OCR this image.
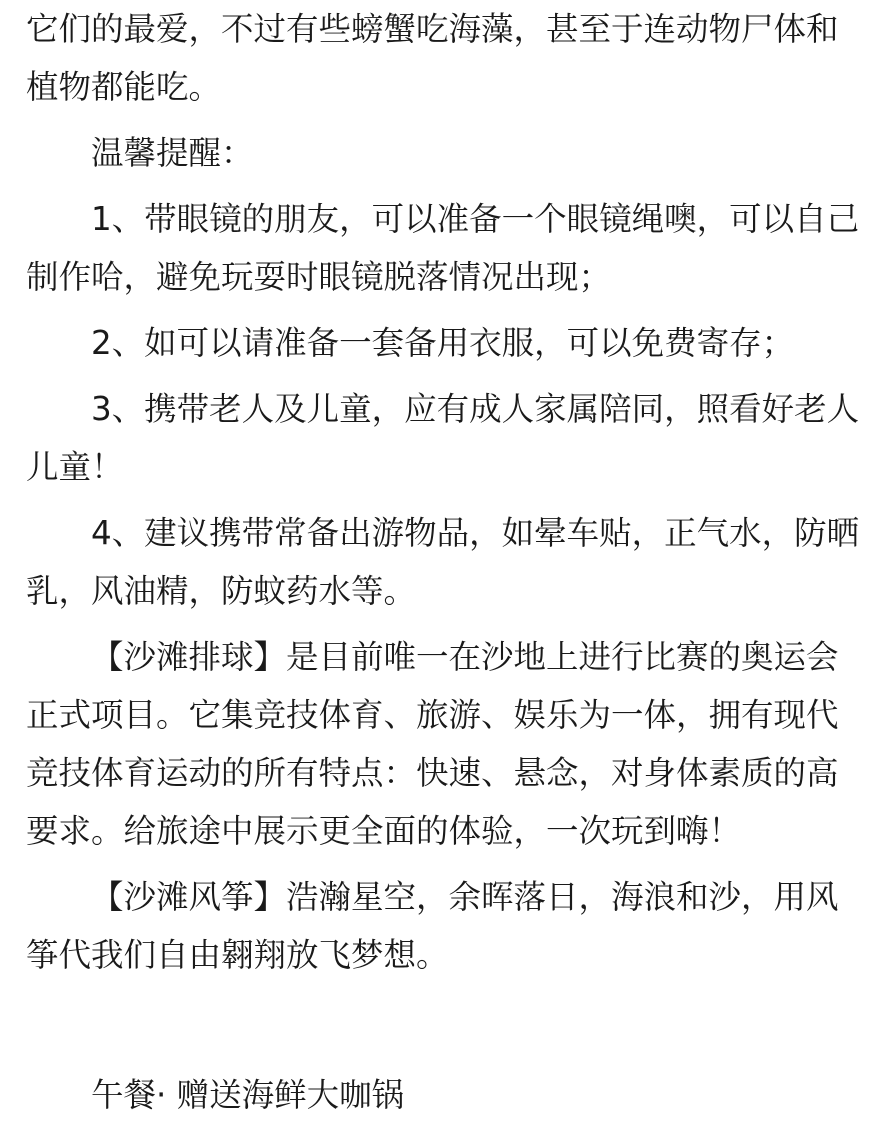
它们的最爱，不过有些螃蟹吃海藻，甚至于连动物尸体和植物都能吃。

温馨提醒：

1、带眼镜的朋友，可以准备一个眼镜绳噢，可以自己制作哈，避免玩耍时眼镜脱落情况出现；

2、如可以请准备一套备用衣服，可以免费寄存；

3、携带老人及儿童，应有成人家属陪同，照看好老人儿童！

4、建议携带常备出游物品，如晕车贴，正气水，防晒乳，风油精，防蚊药水等。

【沙滩排球】是目前唯一在沙地上进行比赛的奥运会正式项目。它集竞技体育、旅游、娱乐为一体，拥有现代竞技体育运动的所有特点：快速、悬念，对身体素质的高要求。给旅途中展示更全面的体验，一次玩到嗨！

【沙滩风筝】浩瀚星空，余晖落日，海浪和沙，用风筝代我们自由翱翔放飞梦想。

午餐· 赠送海鲜大咖锅
